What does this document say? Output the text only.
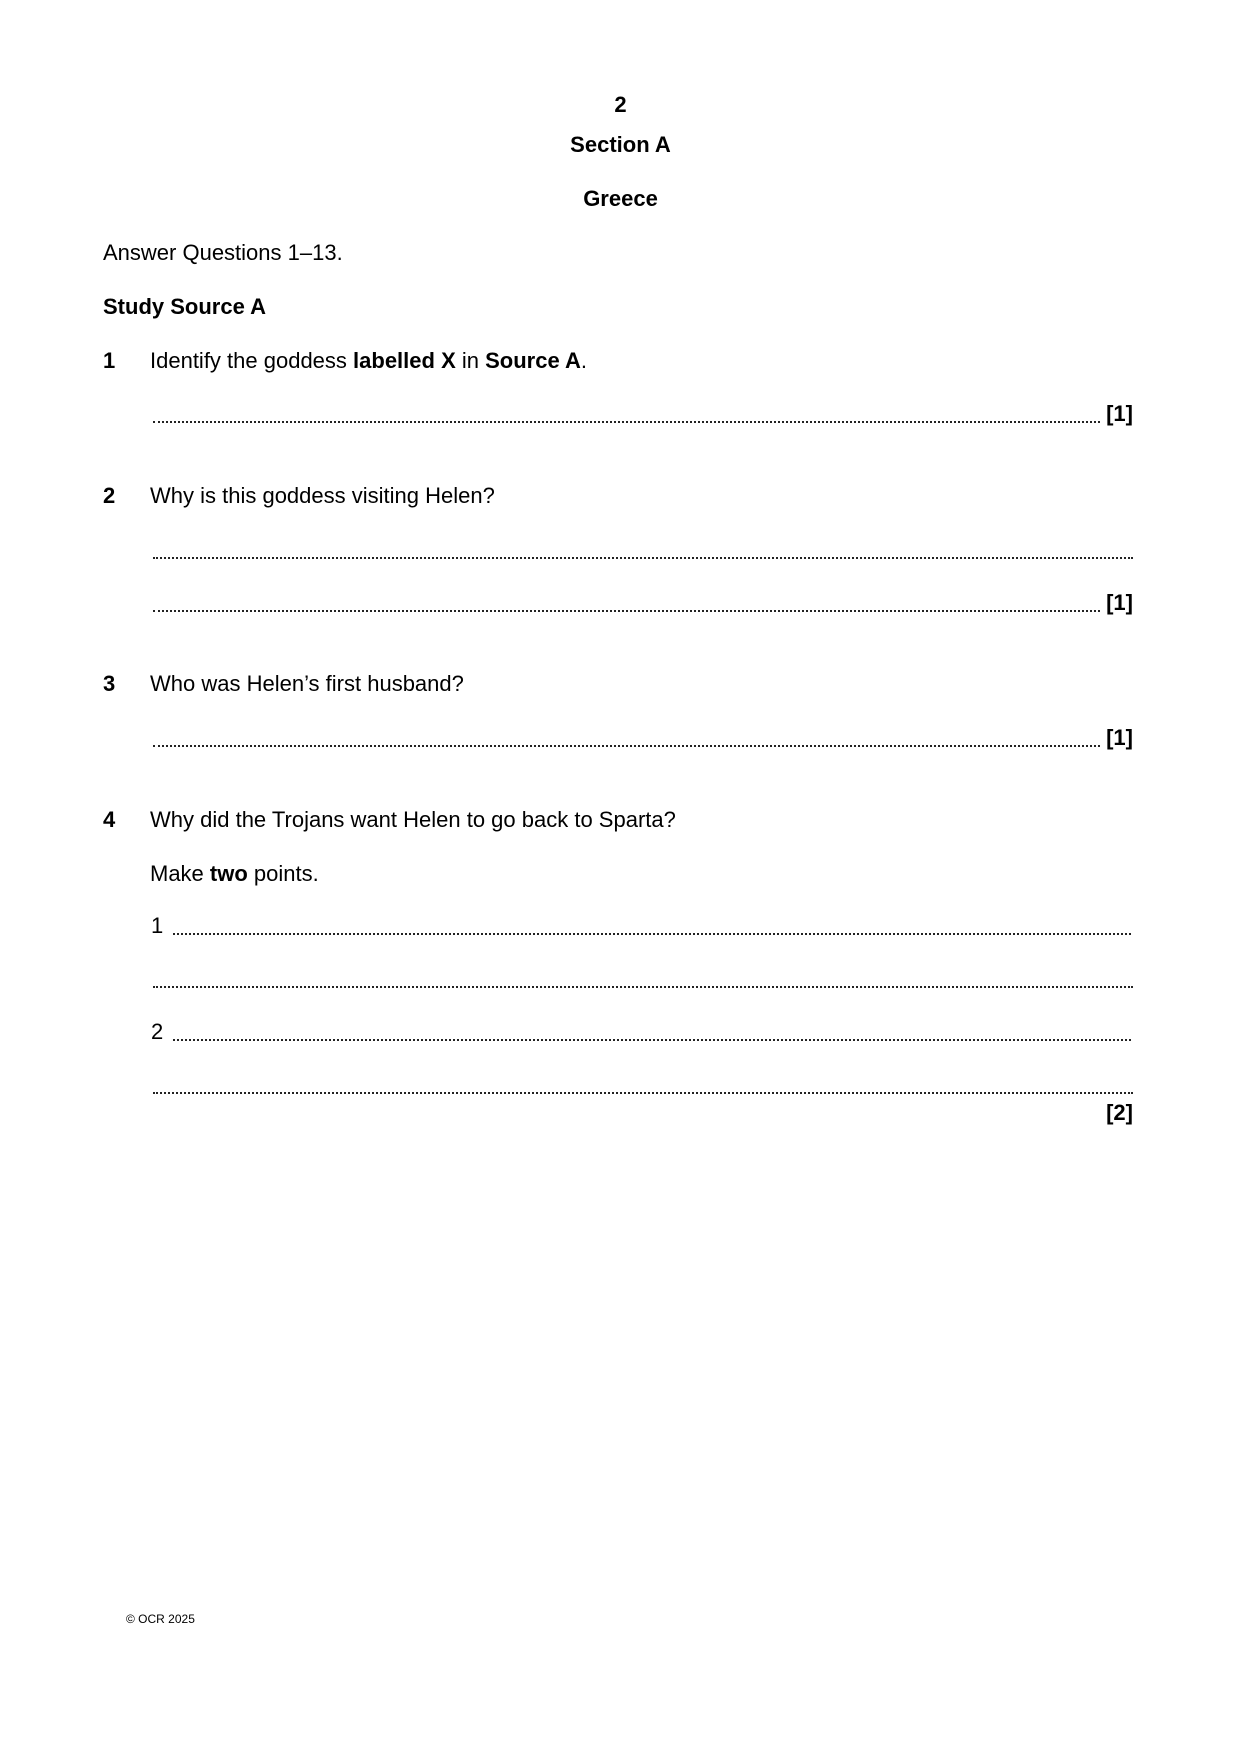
2
Section A
Greece
Answer Questions 1–13.
Study Source A
1 Identify the goddess labelled X in Source A.
[1]
2 Why is this goddess visiting Helen?
[1]
3 Who was Helen’s first husband?
[1]
4 Why did the Trojans want Helen to go back to Sparta?
Make two points.
1
2
[2]
© OCR 2025
